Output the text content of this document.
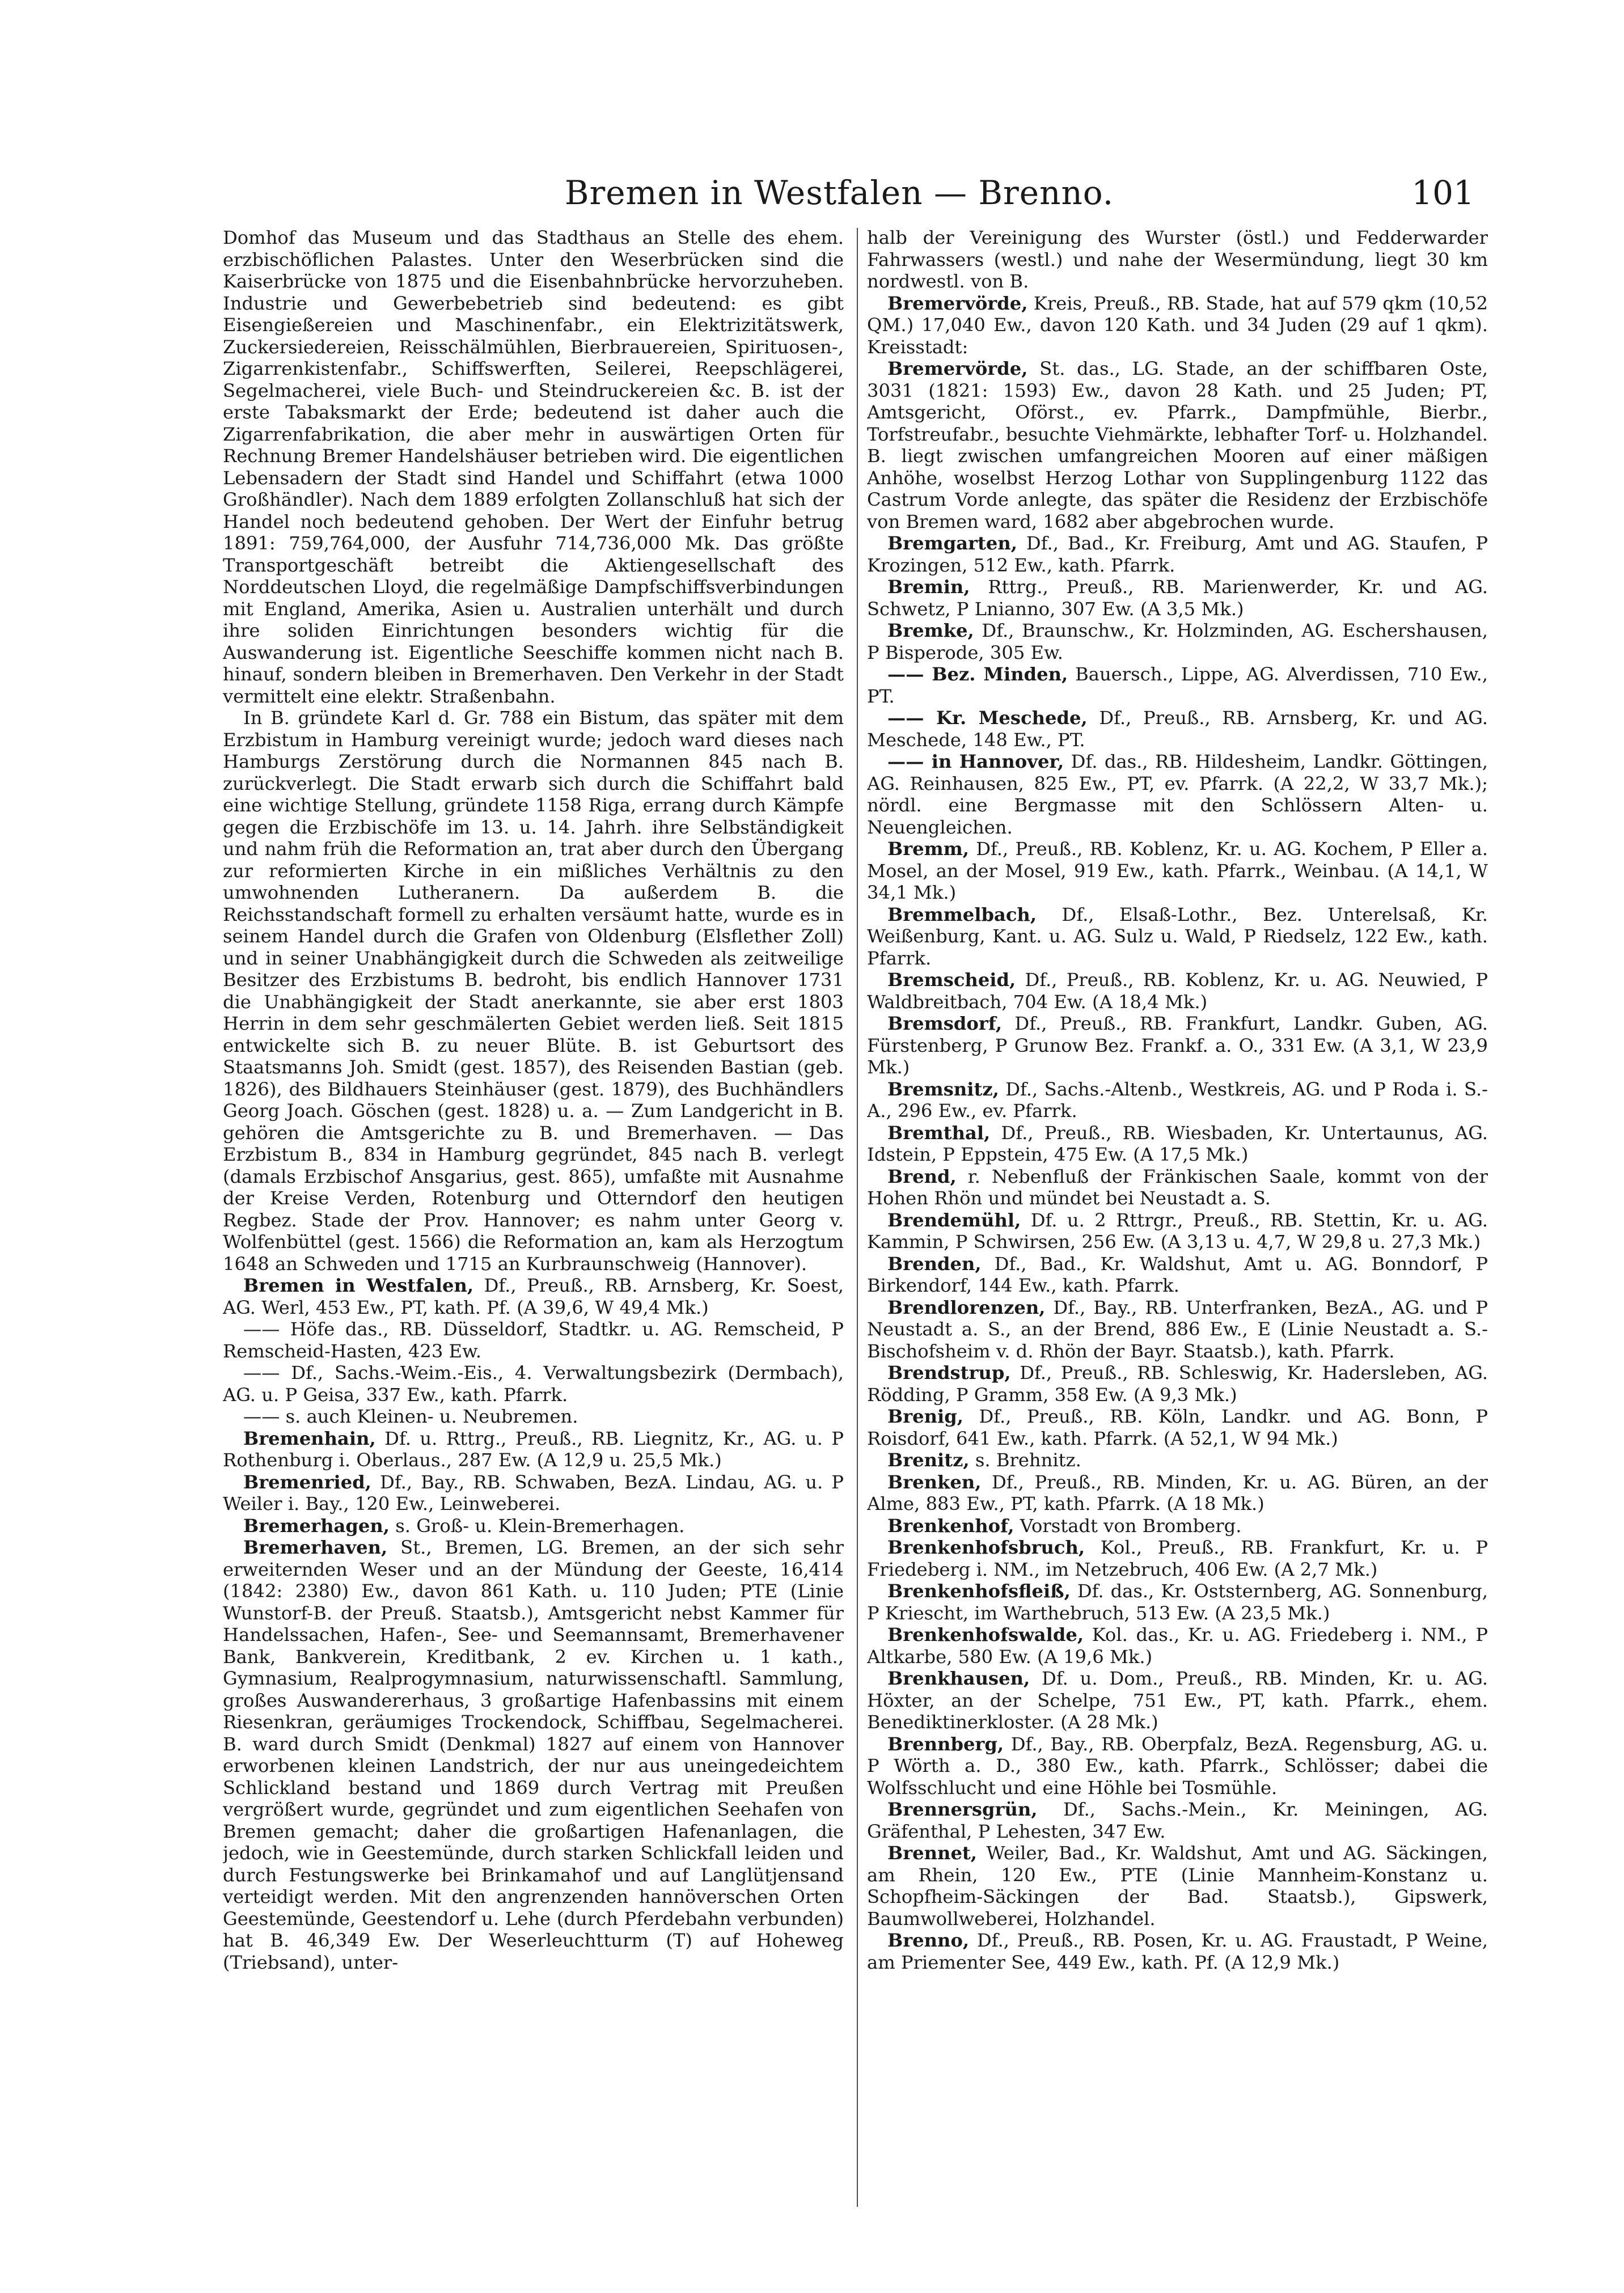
Bremen in Westfalen — Brenno.	101

Domhof das Museum und das Stadthaus an Stelle des ehem. erzbischöflichen Palastes. Unter den Weserbrücken sind die Kaiserbrücke von 1875 und die Eisenbahnbrücke hervorzuheben. Industrie und Gewerbebetrieb sind bedeutend: es gibt Eisengießereien und Maschinenfabr., ein Elektrizitätswerk, Zuckersiedereien, Reisschälmühlen, Bierbrauereien, Spirituosen-, Zigarrenkistenfabr., Schiffswerften, Seilerei, Reepschlägerei, Segelmacherei, viele Buch- und Steindruckereien &c. B. ist der erste Tabaksmarkt der Erde; bedeutend ist daher auch die Zigarrenfabrikation, die aber mehr in auswärtigen Orten für Rechnung Bremer Handelshäuser betrieben wird. Die eigentlichen Lebensadern der Stadt sind Handel und Schiffahrt (etwa 1000 Großhändler). Nach dem 1889 erfolgten Zollanschluß hat sich der Handel noch bedeutend gehoben. Der Wert der Einfuhr betrug 1891: 759,764,000, der Ausfuhr 714,736,000 Mk. Das größte Transportgeschäft betreibt die Aktiengesellschaft des Norddeutschen Lloyd, die regelmäßige Dampfschiffsverbindungen mit England, Amerika, Asien u. Australien unterhält und durch ihre soliden Einrichtungen besonders wichtig für die Auswanderung ist. Eigentliche Seeschiffe kommen nicht nach B. hinauf, sondern bleiben in Bremerhaven. Den Verkehr in der Stadt vermittelt eine elektr. Straßenbahn.

In B. gründete Karl d. Gr. 788 ein Bistum, das später mit dem Erzbistum in Hamburg vereinigt wurde; jedoch ward dieses nach Hamburgs Zerstörung durch die Normannen 845 nach B. zurückverlegt. Die Stadt erwarb sich durch die Schiffahrt bald eine wichtige Stellung, gründete 1158 Riga, errang durch Kämpfe gegen die Erzbischöfe im 13. u. 14. Jahrh. ihre Selbständigkeit und nahm früh die Reformation an, trat aber durch den Übergang zur reformierten Kirche in ein mißliches Verhältnis zu den umwohnenden Lutheranern. Da außerdem B. die Reichsstandschaft formell zu erhalten versäumt hatte, wurde es in seinem Handel durch die Grafen von Oldenburg (Elsflether Zoll) und in seiner Unabhängigkeit durch die Schweden als zeitweilige Besitzer des Erzbistums B. bedroht, bis endlich Hannover 1731 die Unabhängigkeit der Stadt anerkannte, sie aber erst 1803 Herrin in dem sehr geschmälerten Gebiet werden ließ. Seit 1815 entwickelte sich B. zu neuer Blüte. B. ist Geburtsort des Staatsmanns Joh. Smidt (gest. 1857), des Reisenden Bastian (geb. 1826), des Bildhauers Steinhäuser (gest. 1879), des Buchhändlers Georg Joach. Göschen (gest. 1828) u. a. — Zum Landgericht in B. gehören die Amtsgerichte zu B. und Bremerhaven. — Das Erzbistum B., 834 in Hamburg gegründet, 845 nach B. verlegt (damals Erzbischof Ansgarius, gest. 865), umfaßte mit Ausnahme der Kreise Verden, Rotenburg und Otterndorf den heutigen Regbez. Stade der Prov. Hannover; es nahm unter Georg v. Wolfenbüttel (gest. 1566) die Reformation an, kam als Herzogtum 1648 an Schweden und 1715 an Kurbraunschweig (Hannover).

Bremen in Westfalen, Df., Preuß., RB. Arnsberg, Kr. Soest, AG. Werl, 453 Ew., PT, kath. Pf. (A 39,6, W 49,4 Mk.)

—— Höfe das., RB. Düsseldorf, Stadtkr. u. AG. Remscheid, P Remscheid-Hasten, 423 Ew.

—— Df., Sachs.-Weim.-Eis., 4. Verwaltungsbezirk (Dermbach), AG. u. P Geisa, 337 Ew., kath. Pfarrk.

—— s. auch Kleinen- u. Neubremen.

Bremenhain, Df. u. Rttrg., Preuß., RB. Liegnitz, Kr., AG. u. P Rothenburg i. Oberlaus., 287 Ew. (A 12,9 u. 25,5 Mk.)

Bremenried, Df., Bay., RB. Schwaben, BezA. Lindau, AG. u. P Weiler i. Bay., 120 Ew., Leinweberei.

Bremerhagen, s. Groß- u. Klein-Bremerhagen.

Bremerhaven, St., Bremen, LG. Bremen, an der sich sehr erweiternden Weser und an der Mündung der Geeste, 16,414 (1842: 2380) Ew., davon 861 Kath. u. 110 Juden; PTE (Linie Wunstorf-B. der Preuß. Staatsb.), Amtsgericht nebst Kammer für Handelssachen, Hafen-, See- und Seemannsamt, Bremerhavener Bank, Bankverein, Kreditbank, 2 ev. Kirchen u. 1 kath., Gymnasium, Realprogymnasium, naturwissenschaftl. Sammlung, großes Auswandererhaus, 3 großartige Hafenbassins mit einem Riesenkran, geräumiges Trockendock, Schiffbau, Segelmacherei. B. ward durch Smidt (Denkmal) 1827 auf einem von Hannover erworbenen kleinen Landstrich, der nur aus uneingedeichtem Schlickland bestand und 1869 durch Vertrag mit Preußen vergrößert wurde, gegründet und zum eigentlichen Seehafen von Bremen gemacht; daher die großartigen Hafenanlagen, die jedoch, wie in Geestemünde, durch starken Schlickfall leiden und durch Festungswerke bei Brinkamahof und auf Langlütjensand verteidigt werden. Mit den angrenzenden hannöverschen Orten Geestemünde, Geestendorf u. Lehe (durch Pferdebahn verbunden) hat B. 46,349 Ew. Der Weserleuchtturm (T) auf Hoheweg (Triebsand), unter-

halb der Vereinigung des Wurster (östl.) und Fedderwarder Fahrwassers (westl.) und nahe der Wesermündung, liegt 30 km nordwestl. von B.

Bremervörde, Kreis, Preuß., RB. Stade, hat auf 579 qkm (10,52 QM.) 17,040 Ew., davon 120 Kath. und 34 Juden (29 auf 1 qkm). Kreisstadt:

Bremervörde, St. das., LG. Stade, an der schiffbaren Oste, 3031 (1821: 1593) Ew., davon 28 Kath. und 25 Juden; PT, Amtsgericht, Oförst., ev. Pfarrk., Dampfmühle, Bierbr., Torfstreufabr., besuchte Viehmärkte, lebhafter Torf- u. Holzhandel. B. liegt zwischen umfangreichen Mooren auf einer mäßigen Anhöhe, woselbst Herzog Lothar von Supplingenburg 1122 das Castrum Vorde anlegte, das später die Residenz der Erzbischöfe von Bremen ward, 1682 aber abgebrochen wurde.

Bremgarten, Df., Bad., Kr. Freiburg, Amt und AG. Staufen, P Krozingen, 512 Ew., kath. Pfarrk.

Bremin, Rttrg., Preuß., RB. Marienwerder, Kr. und AG. Schwetz, P Lnianno, 307 Ew. (A 3,5 Mk.)

Bremke, Df., Braunschw., Kr. Holzminden, AG. Eschershausen, P Bisperode, 305 Ew.

—— Bez. Minden, Bauersch., Lippe, AG. Alverdissen, 710 Ew., PT.

—— Kr. Meschede, Df., Preuß., RB. Arnsberg, Kr. und AG. Meschede, 148 Ew., PT.

—— in Hannover, Df. das., RB. Hildesheim, Landkr. Göttingen, AG. Reinhausen, 825 Ew., PT, ev. Pfarrk. (A 22,2, W 33,7 Mk.); nördl. eine Bergmasse mit den Schlössern Alten- u. Neuengleichen.

Bremm, Df., Preuß., RB. Koblenz, Kr. u. AG. Kochem, P Eller a. Mosel, an der Mosel, 919 Ew., kath. Pfarrk., Weinbau. (A 14,1, W 34,1 Mk.)

Bremmelbach, Df., Elsaß-Lothr., Bez. Unterelsaß, Kr. Weißenburg, Kant. u. AG. Sulz u. Wald, P Riedselz, 122 Ew., kath. Pfarrk.

Bremscheid, Df., Preuß., RB. Koblenz, Kr. u. AG. Neuwied, P Waldbreitbach, 704 Ew. (A 18,4 Mk.)

Bremsdorf, Df., Preuß., RB. Frankfurt, Landkr. Guben, AG. Fürstenberg, P Grunow Bez. Frankf. a. O., 331 Ew. (A 3,1, W 23,9 Mk.)

Bremsnitz, Df., Sachs.-Altenb., Westkreis, AG. und P Roda i. S.-A., 296 Ew., ev. Pfarrk.

Bremthal, Df., Preuß., RB. Wiesbaden, Kr. Untertaunus, AG. Idstein, P Eppstein, 475 Ew. (A 17,5 Mk.)

Brend, r. Nebenfluß der Fränkischen Saale, kommt von der Hohen Rhön und mündet bei Neustadt a. S.

Brendemühl, Df. u. 2 Rttrgr., Preuß., RB. Stettin, Kr. u. AG. Kammin, P Schwirsen, 256 Ew. (A 3,13 u. 4,7, W 29,8 u. 27,3 Mk.)

Brenden, Df., Bad., Kr. Waldshut, Amt u. AG. Bonndorf, P Birkendorf, 144 Ew., kath. Pfarrk.

Brendlorenzen, Df., Bay., RB. Unterfranken, BezA., AG. und P Neustadt a. S., an der Brend, 886 Ew., E (Linie Neustadt a. S.-Bischofsheim v. d. Rhön der Bayr. Staatsb.), kath. Pfarrk.

Brendstrup, Df., Preuß., RB. Schleswig, Kr. Hadersleben, AG. Rödding, P Gramm, 358 Ew. (A 9,3 Mk.)

Brenig, Df., Preuß., RB. Köln, Landkr. und AG. Bonn, P Roisdorf, 641 Ew., kath. Pfarrk. (A 52,1, W 94 Mk.)

Brenitz, s. Brehnitz.

Brenken, Df., Preuß., RB. Minden, Kr. u. AG. Büren, an der Alme, 883 Ew., PT, kath. Pfarrk. (A 18 Mk.)

Brenkenhof, Vorstadt von Bromberg.

Brenkenhofsbruch, Kol., Preuß., RB. Frankfurt, Kr. u. P Friedeberg i. NM., im Netzebruch, 406 Ew. (A 2,7 Mk.)

Brenkenhofsfleiß, Df. das., Kr. Oststernberg, AG. Sonnenburg, P Kriescht, im Warthebruch, 513 Ew. (A 23,5 Mk.)

Brenkenhofswalde, Kol. das., Kr. u. AG. Friedeberg i. NM., P Altkarbe, 580 Ew. (A 19,6 Mk.)

Brenkhausen, Df. u. Dom., Preuß., RB. Minden, Kr. u. AG. Höxter, an der Schelpe, 751 Ew., PT, kath. Pfarrk., ehem. Benediktinerkloster. (A 28 Mk.)

Brennberg, Df., Bay., RB. Oberpfalz, BezA. Regensburg, AG. u. P Wörth a. D., 380 Ew., kath. Pfarrk., Schlösser; dabei die Wolfsschlucht und eine Höhle bei Tosmühle.

Brennersgrün, Df., Sachs.-Mein., Kr. Meiningen, AG. Gräfenthal, P Lehesten, 347 Ew.

Brennet, Weiler, Bad., Kr. Waldshut, Amt und AG. Säckingen, am Rhein, 120 Ew., PTE (Linie Mannheim-Konstanz u. Schopfheim-Säckingen der Bad. Staatsb.), Gipswerk, Baumwollweberei, Holzhandel.

Brenno, Df., Preuß., RB. Posen, Kr. u. AG. Fraustadt, P Weine, am Priementer See, 449 Ew., kath. Pf. (A 12,9 Mk.)
